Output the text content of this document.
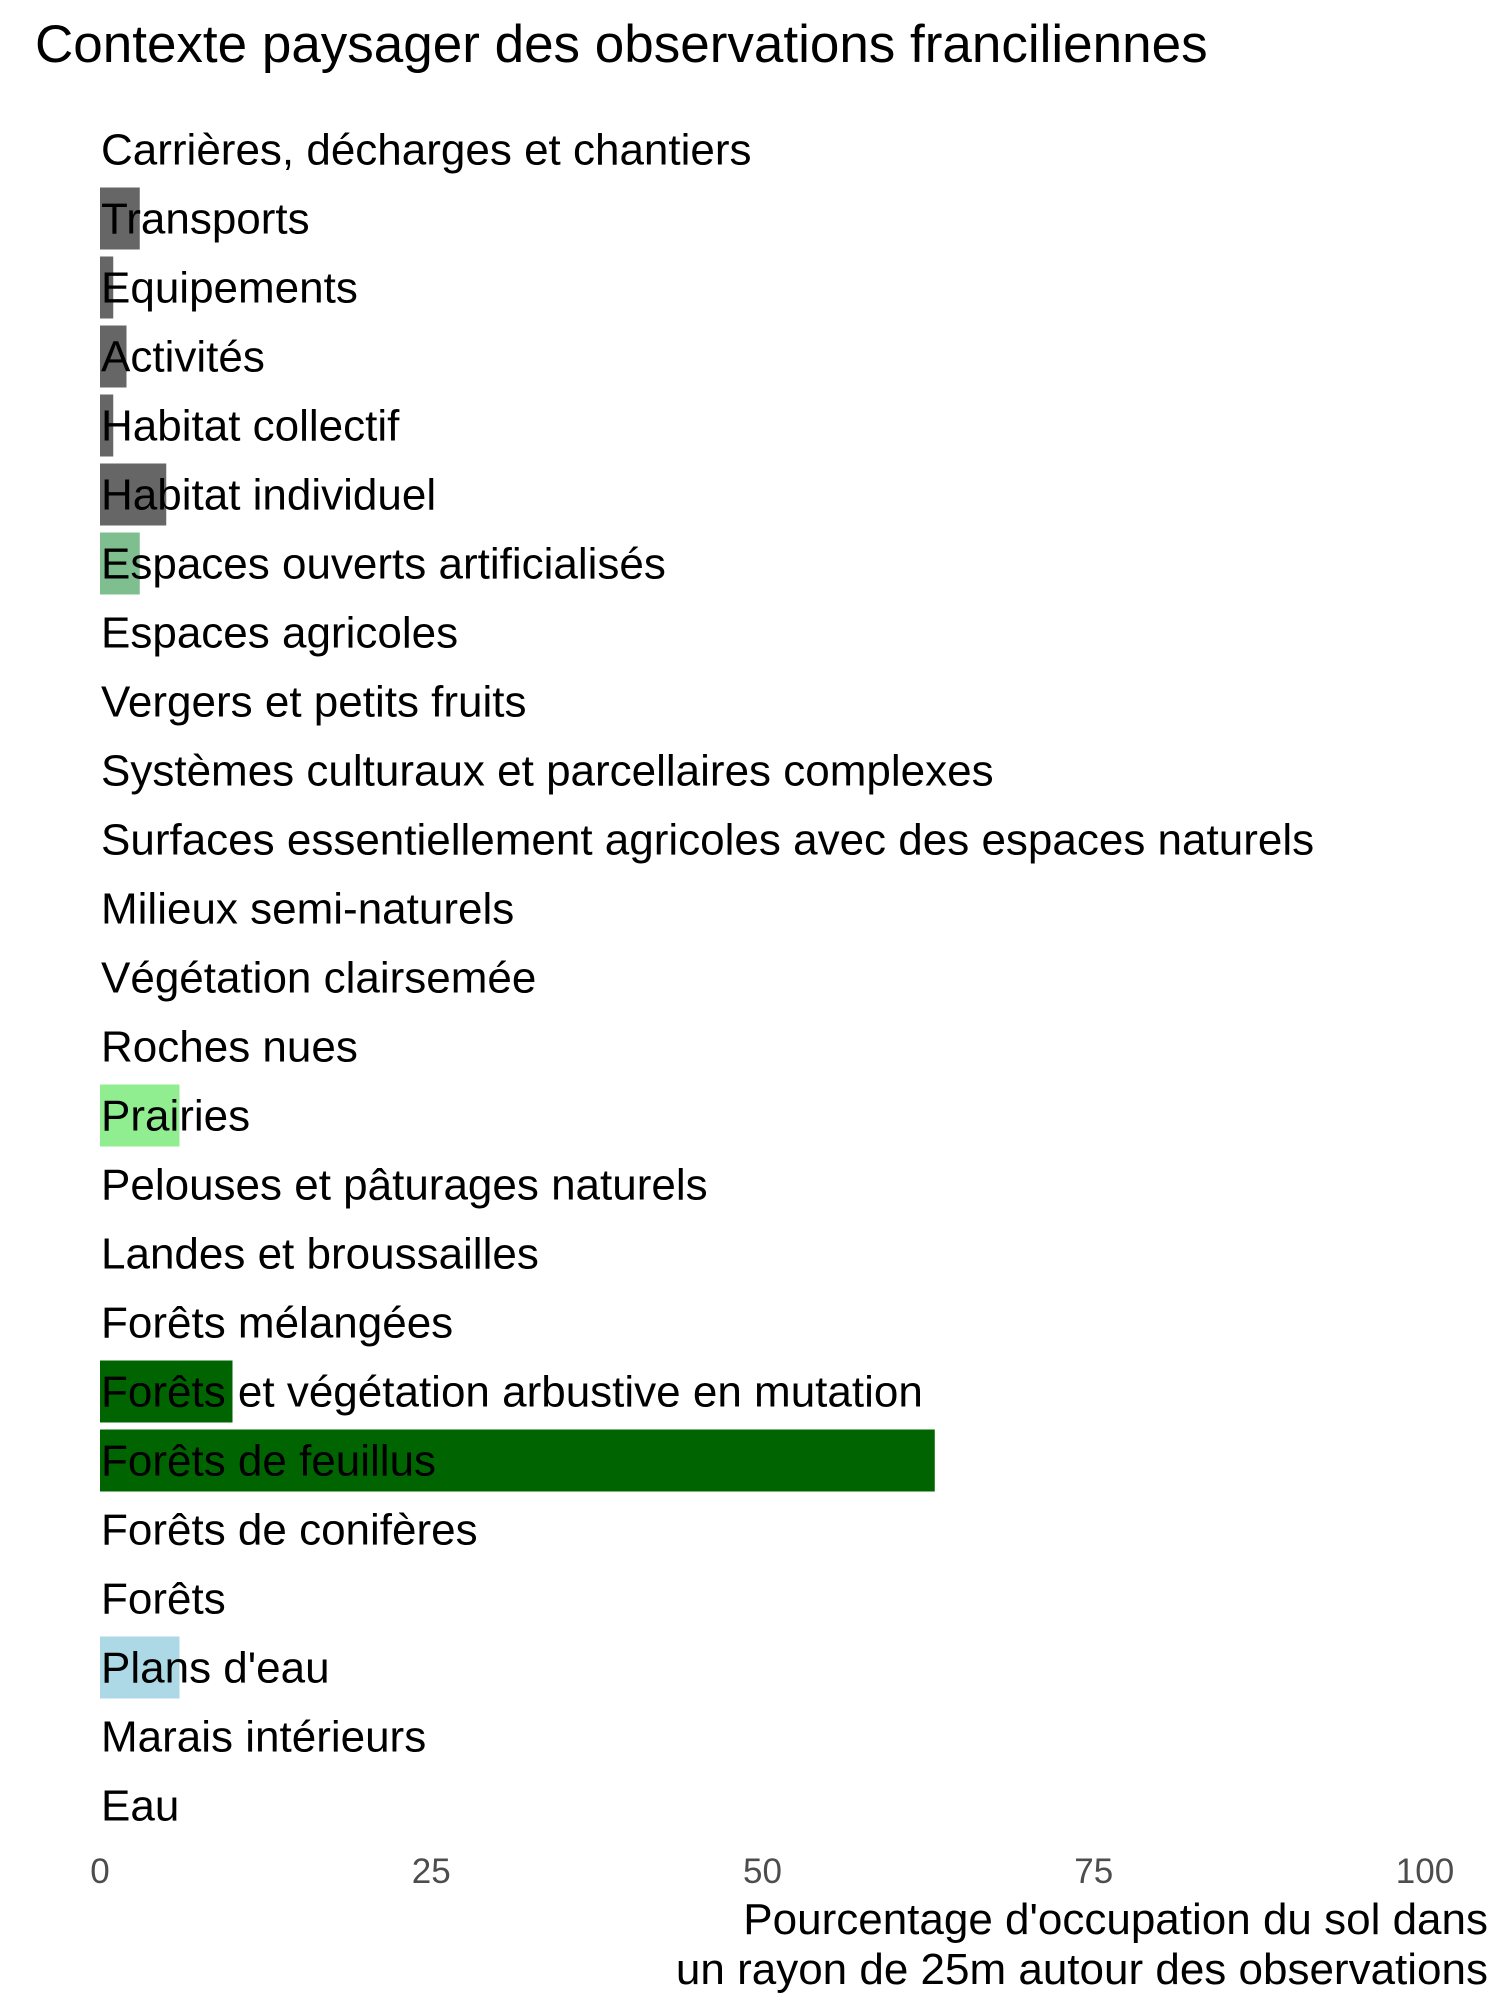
Contexte paysager des observations franciliennes
Carrières, décharges et chantiers
Transports
Equipements
Activités
Habitat collectif
Habitat individuel
Espaces ouverts artificialisés
Espaces agricoles
Vergers et petits fruits
Systèmes culturaux et parcellaires complexes
Surfaces essentiellement agricoles avec des espaces naturels
Milieux semi-naturels
Végétation clairsemée
Roches nues
Prairies
Pelouses et pâturages naturels
Landes et broussailles
Forêts mélangées
Forêts et végétation arbustive en mutation
Forêts de feuillus
Forêts de conifères
Forêts
Plans d'eau
Marais intérieurs
Eau
0	25	50	75	100
Pourcentage d'occupation du sol dans
un rayon de 25m autour des observations
